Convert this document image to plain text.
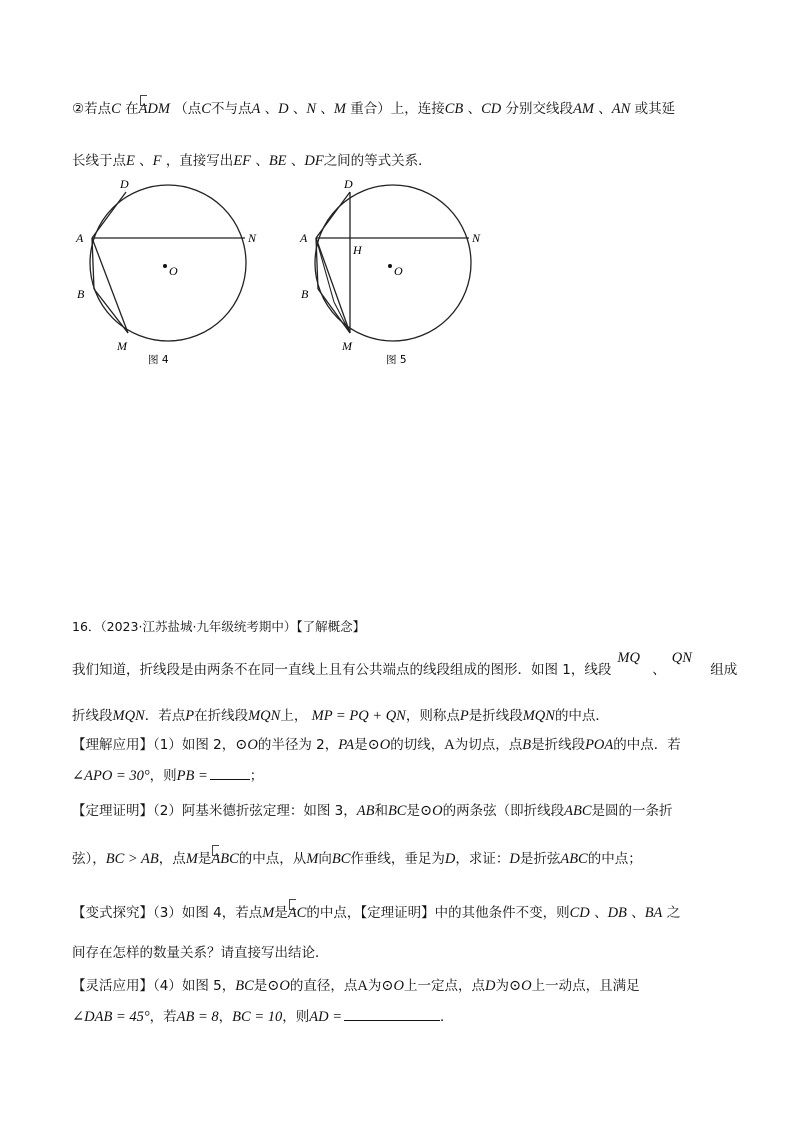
②若点C 在ADM （点C不与点A 、D 、N 、M 重合）上，连接CB 、CD 分别交线段AM 、AN 或其延
长线于点E 、F ，直接写出EF 、BE 、DF之间的等式关系．
D
A	N
O
B
M
图 4
D
A
H
N
O
B
M
图 5
16．（2023·江苏盐城·九年级统考期中）【了解概念】
我们知道，折线段是由两条不在同一直线上且有公共端点的线段组成的图形．如图 1，线段MQ 、QN 组成
折线段MQN．若点P在折线段MQN上， MP = PQ + QN，则称点P是折线段MQN的中点．
【理解应用】（1）如图 2，⊙O的半径为 2，PA是⊙O的切线，A为切点，点B是折线段POA的中点．若
∠APO = 30°，则PB =	；
【定理证明】（2）阿基米德折弦定理：如图 3，AB和BC是⊙O的两条弦（即折线段ABC是圆的一条折
弦），BC > AB，点M是ABC的中点，从M向BC作垂线，垂足为D，求证：D是折弦ABC的中点；
【变式探究】（3）如图 4，若点M是AC的中点，【定理证明】中的其他条件不变，则CD 、DB 、BA 之
间存在怎样的数量关系？请直接写出结论．
【灵活应用】（4）如图 5，BC是⊙O的直径，点A为⊙O上一定点，点D为⊙O上一动点，且满足
∠DAB = 45°，若AB = 8，BC = 10，则AD =	．
